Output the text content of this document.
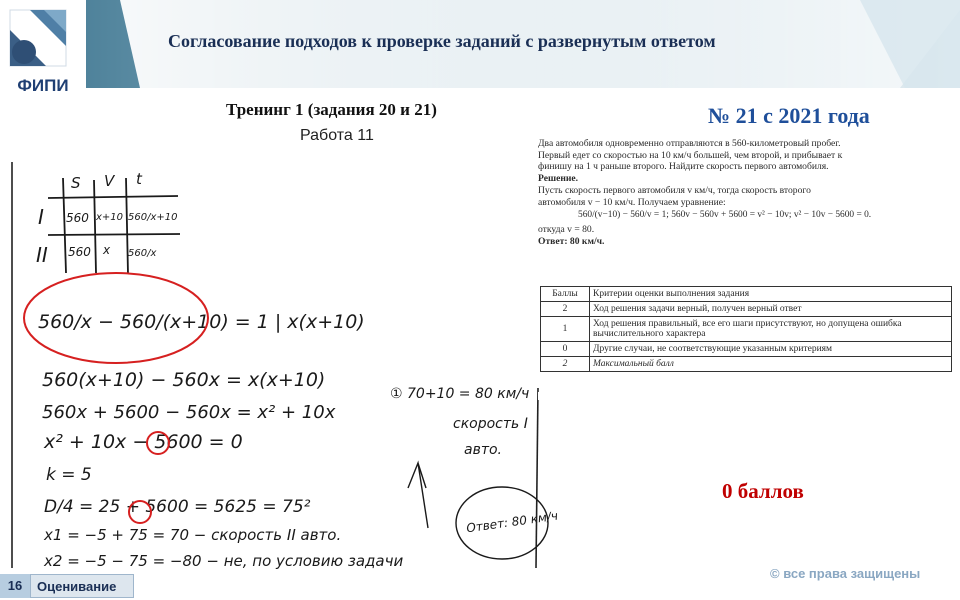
ФИПИ
Согласование подходов к проверке заданий с развернутым ответом
Тренинг 1 (задания 20 и 21)
Работа 11
№ 21 с 2021 года
S V t
I 560 x+10 560/x+10
II 560 x 560/x
560/x − 560/(x+10) = 1 | x(x+10)
560(x+10) − 560x = x(x+10)
560x + 5600 − 560x = x² + 10x
x² + 10x − 5600 = 0
k = 5
D/4 = 25 + 5600 = 5625 = 75²
x1 = −5 + 75 = 70 − скорость II авто.
x2 = −5 − 75 = −80 − не, по условию задачи
① 70+10 = 80 км/ч
скорость I
авто.
Ответ: 80 км/ч
Два автомобиля одновременно отправляются в 560-километровый пробег.
Первый едет со скоростью на 10 км/ч большей, чем второй, и прибывает к
финишу на 1 ч раньше второго. Найдите скорость первого автомобиля.
Решение.
Пусть скорость первого автомобиля v км/ч, тогда скорость второго
автомобиля v − 10 км/ч. Получаем уравнение:
560/(v−10) − 560/v = 1; 560v − 560v + 5600 = v² − 10v; v² − 10v − 5600 = 0.
откуда v = 80.
Ответ: 80 км/ч.
Баллы	Критерии оценки выполнения задания
2	Ход решения задачи верный, получен верный ответ
1	Ход решения правильный, все его шаги присутствуют, но допущена ошибка вычислительного характера
0	Другие случаи, не соответствующие указанным критериям
2	Максимальный балл
0 баллов
© все права защищены
16	Оценивание
